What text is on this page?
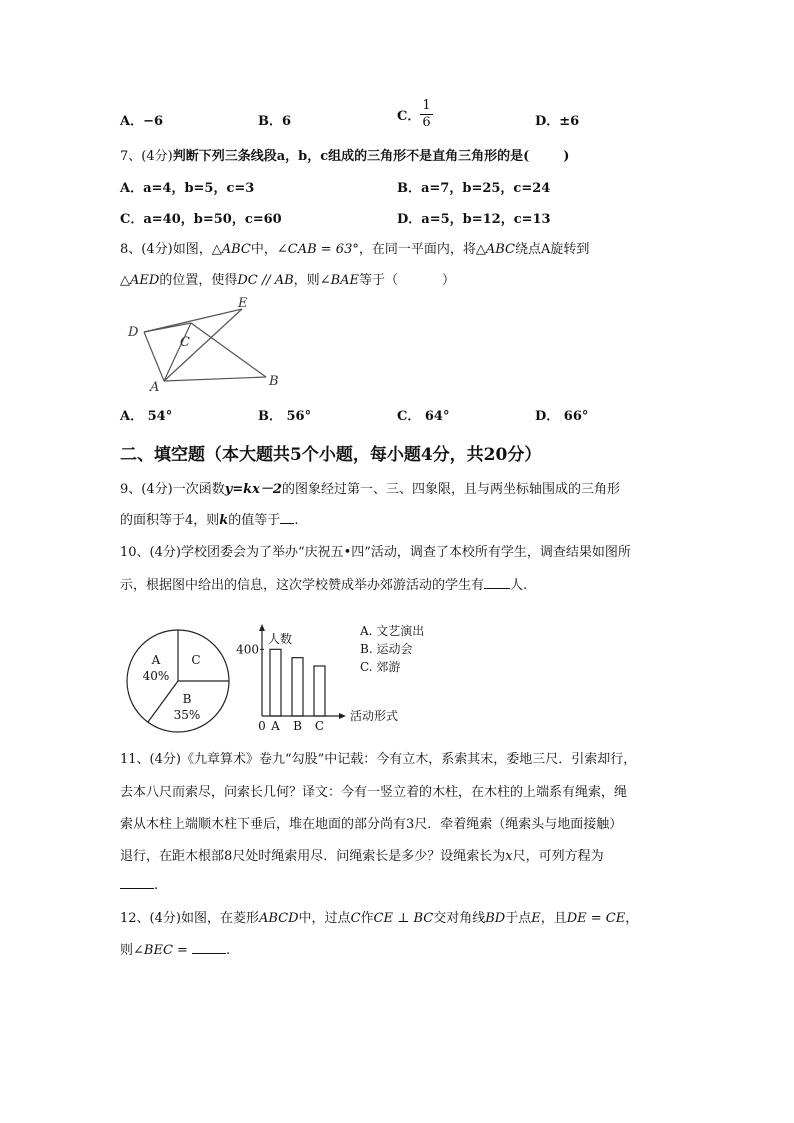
A．−6	B．6	C． $\frac{1}{6}$	D．±6
7、(4分)判断下列三条线段a，b，c组成的三角形不是直角三角形的是(	)
A．a=4，b=5，c=3	B．a=7，b=25，c=24
C．a=40，b=50，c=60	D．a=5，b=12，c=13
8、(4分)如图，△ABC中，∠CAB = 63°，在同一平面内，将△ABC绕点A旋转到
△AED的位置，使得DC // AB，则∠BAE等于（	）
D
E
C
A	B
A． 54°	B． 56°	C． 64°	D． 66°
二、填空题（本大题共5个小题，每小题4分，共20分）
9、(4分)一次函数y=kx－2的图象经过第一、三、四象限，且与两坐标轴围成的三角形
的面积等于4，则k的值等于 .
10、(4分)学校团委会为了举办“庆祝五•四”活动，调查了本校所有学生，调查结果如图所
示，根据图中给出的信息，这次学校赞成举办郊游活动的学生有 人.
A
40%
C
B
35%
人数
活动形式
0
400
A B C
A. 文艺演出
B. 运动会
C. 郊游
11、(4分)《九章算术》卷九“勾股”中记载：今有立木，系索其末，委地三尺．引索却行，
去本八尺而索尽，问索长几何？译文：今有一竖立着的木柱，在木柱的上端系有绳索，绳
索从木柱上端顺木柱下垂后，堆在地面的部分尚有3尺．牵着绳索（绳索头与地面接触）
退行，在距木根部8尺处时绳索用尽．问绳索长是多少？设绳索长为x尺，可列方程为
.
12、(4分)如图，在菱形ABCD中，过点C作CE ⊥ BC交对角线BD于点E，且DE = CE，
则∠BEC =	.
